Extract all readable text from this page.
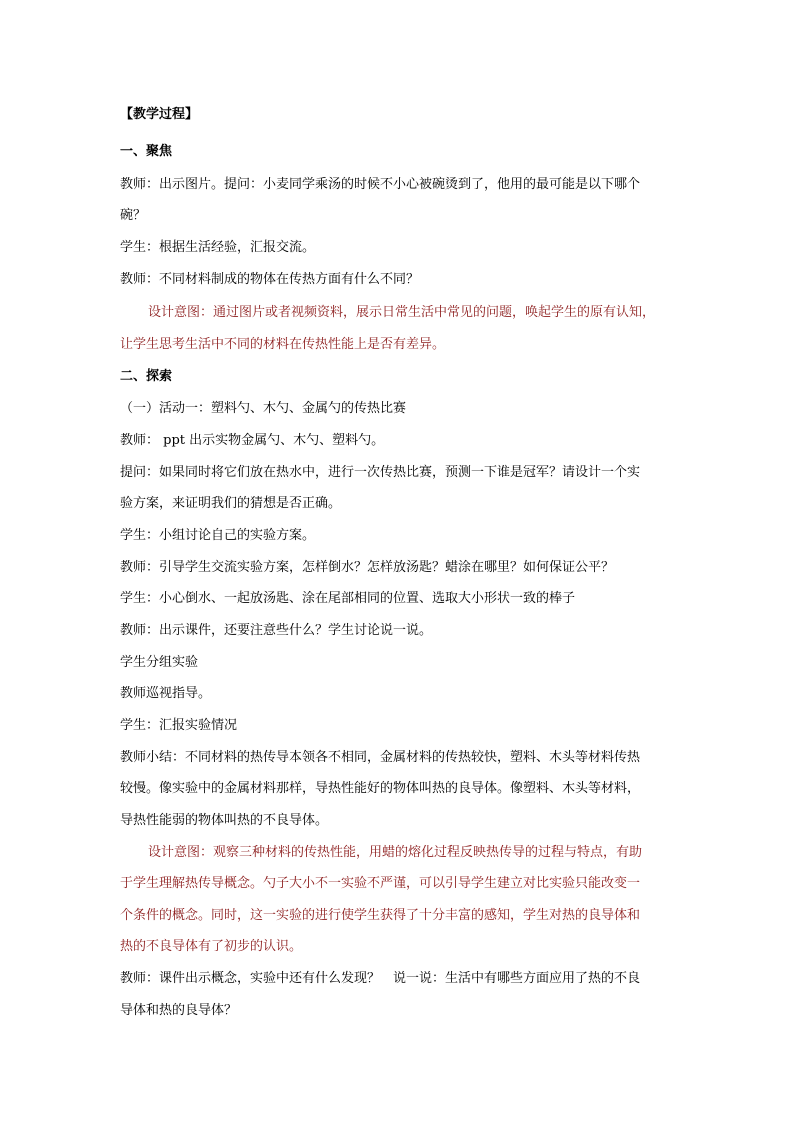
【教学过程】
一、聚焦
教师：出示图片。提问：小麦同学乘汤的时候不小心被碗烫到了，他用的最可能是以下哪个
碗？
学生：根据生活经验，汇报交流。
教师：不同材料制成的物体在传热方面有什么不同？
设计意图：通过图片或者视频资料，展示日常生活中常见的问题，唤起学生的原有认知，
让学生思考生活中不同的材料在传热性能上是否有差异。
二、探索
（一）活动一：塑料勺、木勺、金属勺的传热比赛
教师： ppt 出示实物金属勺、木勺、塑料勺。
提问：如果同时将它们放在热水中，进行一次传热比赛，预测一下谁是冠军？请设计一个实
验方案，来证明我们的猜想是否正确。
学生：小组讨论自己的实验方案。
教师：引导学生交流实验方案，怎样倒水？怎样放汤匙？蜡涂在哪里？如何保证公平？
学生：小心倒水、一起放汤匙、涂在尾部相同的位置、选取大小形状一致的棒子
教师：出示课件，还要注意些什么？学生讨论说一说。
学生分组实验
教师巡视指导。
学生：汇报实验情况
教师小结：不同材料的热传导本领各不相同，金属材料的传热较快，塑料、木头等材料传热
较慢。像实验中的金属材料那样，导热性能好的物体叫热的良导体。像塑料、木头等材料，
导热性能弱的物体叫热的不良导体。
设计意图：观察三种材料的传热性能，用蜡的熔化过程反映热传导的过程与特点，有助
于学生理解热传导概念。勺子大小不一实验不严谨，可以引导学生建立对比实验只能改变一
个条件的概念。同时，这一实验的进行使学生获得了十分丰富的感知，学生对热的良导体和
热的不良导体有了初步的认识。
教师：课件出示概念，实验中还有什么发现？　说一说：生活中有哪些方面应用了热的不良
导体和热的良导体？
